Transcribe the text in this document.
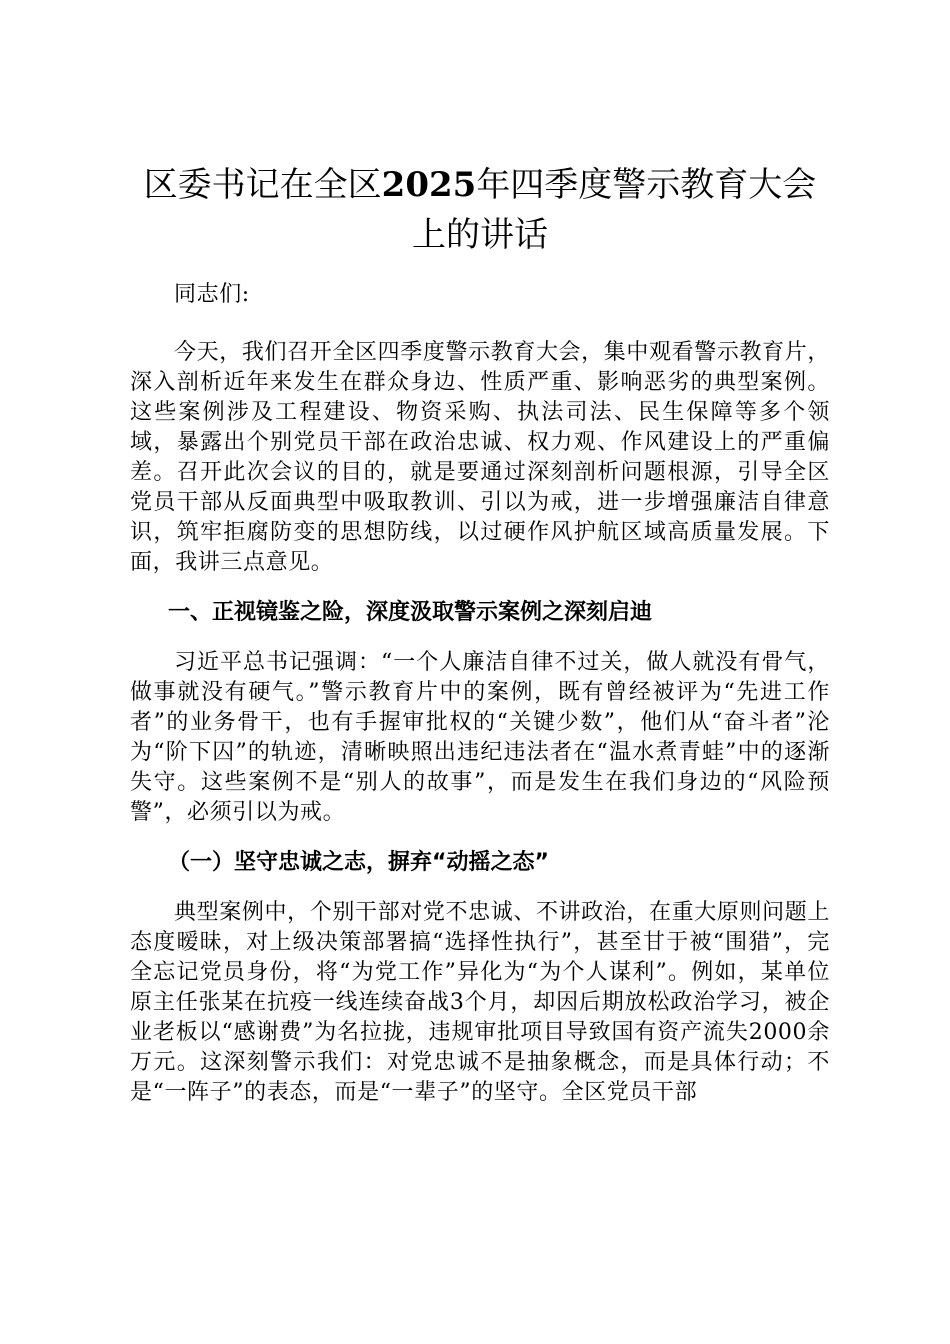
区委书记在全区2025年四季度警示教育大会上的讲话

同志们:

今天，我们召开全区四季度警示教育大会，集中观看警示教育片，深入剖析近年来发生在群众身边、性质严重、影响恶劣的典型案例。这些案例涉及工程建设、物资采购、执法司法、民生保障等多个领域，暴露出个别党员干部在政治忠诚、权力观、作风建设上的严重偏差。召开此次会议的目的，就是要通过深刻剖析问题根源，引导全区党员干部从反面典型中吸取教训、引以为戒，进一步增强廉洁自律意识，筑牢拒腐防变的思想防线，以过硬作风护航区域高质量发展。下面，我讲三点意见。

一、正视镜鉴之险，深度汲取警示案例之深刻启迪

习近平总书记强调：“一个人廉洁自律不过关，做人就没有骨气，做事就没有硬气。”警示教育片中的案例，既有曾经被评为“先进工作者”的业务骨干，也有手握审批权的“关键少数”，他们从“奋斗者”沦为“阶下囚”的轨迹，清晰映照出违纪违法者在“温水煮青蛙”中的逐渐失守。这些案例不是“别人的故事”，而是发生在我们身边的“风险预警”，必须引以为戒。

（一）坚守忠诚之志，摒弃“动摇之态”

典型案例中，个别干部对党不忠诚、不讲政治，在重大原则问题上态度暧昧，对上级决策部署搞“选择性执行”，甚至甘于被“围猎”，完全忘记党员身份，将“为党工作”异化为“为个人谋利”。例如，某单位原主任张某在抗疫一线连续奋战3个月，却因后期放松政治学习，被企业老板以“感谢费”为名拉拢，违规审批项目导致国有资产流失2000余万元。这深刻警示我们：对党忠诚不是抽象概念，而是具体行动；不是“一阵子”的表态，而是“一辈子”的坚守。全区党员干部
